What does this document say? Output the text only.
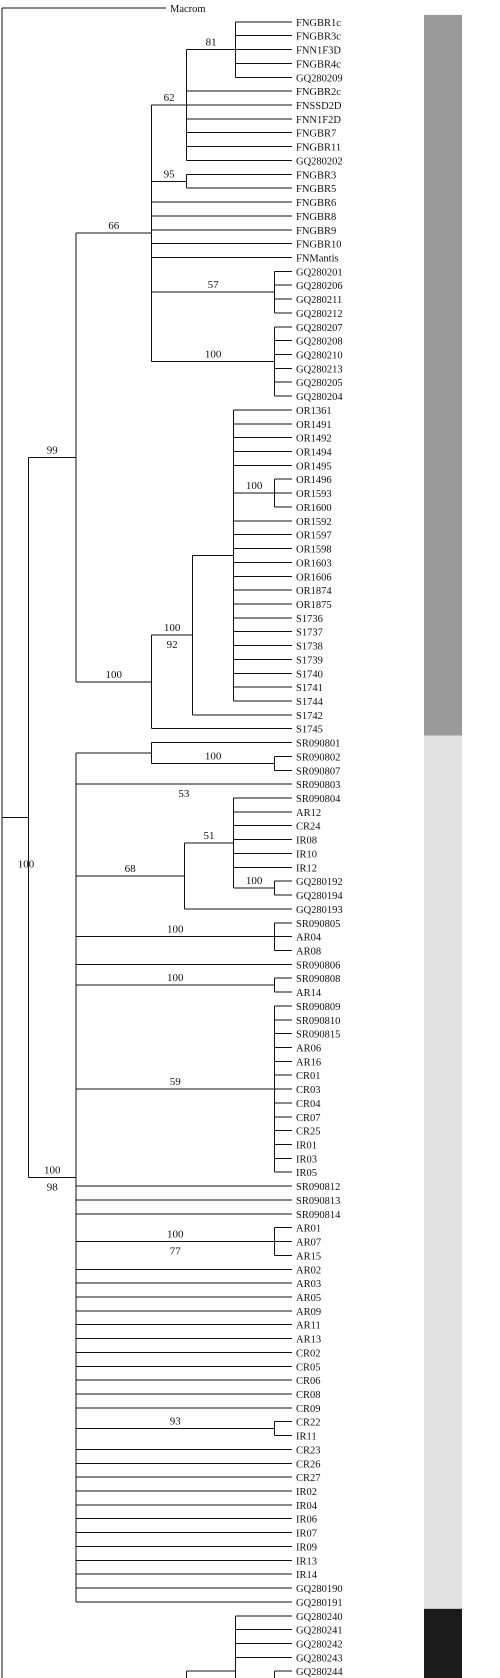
99
66
62
81
95
57
100
100
100
92
100
100
98
100
53
68
51
100
100
100
59
100
77
93
100
Macrom
FNGBR1c
FNGBR3c
FNN1F3D
FNGBR4c
GQ280209
FNGBR2c
FNSSD2D
FNN1F2D
FNGBR7
FNGBR11
GQ280202
FNGBR3
FNGBR5
FNGBR6
FNGBR8
FNGBR9
FNGBR10
FNMantis
GQ280201
GQ280206
GQ280211
GQ280212
GQ280207
GQ280208
GQ280210
GQ280213
GQ280205
GQ280204
OR1361
OR1491
OR1492
OR1494
OR1495
OR1496
OR1593
OR1600
OR1592
OR1597
OR1598
OR1603
OR1606
OR1874
OR1875
S1736
S1737
S1738
S1739
S1740
S1741
S1744
S1742
S1745
SR090801
SR090802
SR090807
SR090803
SR090804
AR12
CR24
IR08
IR10
IR12
GQ280192
GQ280194
GQ280193
SR090805
AR04
AR08
SR090806
SR090808
AR14
SR090809
SR090810
SR090815
AR06
AR16
CR01
CR03
CR04
CR07
CR25
IR01
IR03
IR05
SR090812
SR090813
SR090814
AR01
AR07
AR15
AR02
AR03
AR05
AR09
AR11
AR13
CR02
CR05
CR06
CR08
CR09
CR22
IR11
CR23
CR26
CR27
IR02
IR04
IR06
IR07
IR09
IR13
IR14
GQ280190
GQ280191
GQ280240
GQ280241
GQ280242
GQ280243
GQ280244
